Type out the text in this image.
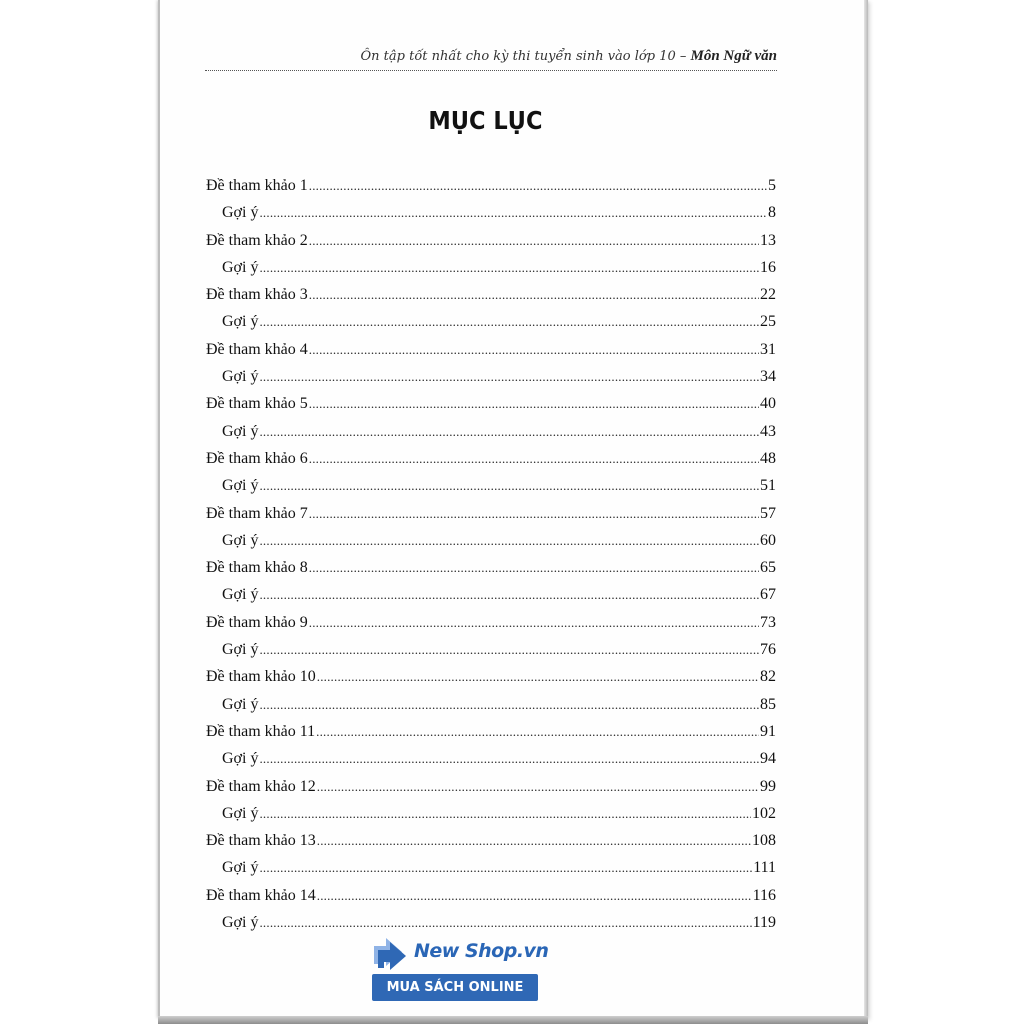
Ôn tập tốt nhất cho kỳ thi tuyển sinh vào lớp 10 – Môn Ngữ văn
MỤC LỤC
Đề tham khảo 1 .....	5
Gợi ý .....	8
Đề tham khảo 2 .....	13
Gợi ý .....	16
Đề tham khảo 3 .....	22
Gợi ý .....	25
Đề tham khảo 4 .....	31
Gợi ý .....	34
Đề tham khảo 5 .....	40
Gợi ý .....	43
Đề tham khảo 6 .....	48
Gợi ý .....	51
Đề tham khảo 7 .....	57
Gợi ý .....	60
Đề tham khảo 8 .....	65
Gợi ý .....	67
Đề tham khảo 9 .....	73
Gợi ý .....	76
Đề tham khảo 10 .....	82
Gợi ý .....	85
Đề tham khảo 11 .....	91
Gợi ý .....	94
Đề tham khảo 12 .....	99
Gợi ý .....	102
Đề tham khảo 13 .....	108
Gợi ý .....	111
Đề tham khảo 14 .....	116
Gợi ý .....	119
New Shop.vn
MUA SÁCH ONLINE
